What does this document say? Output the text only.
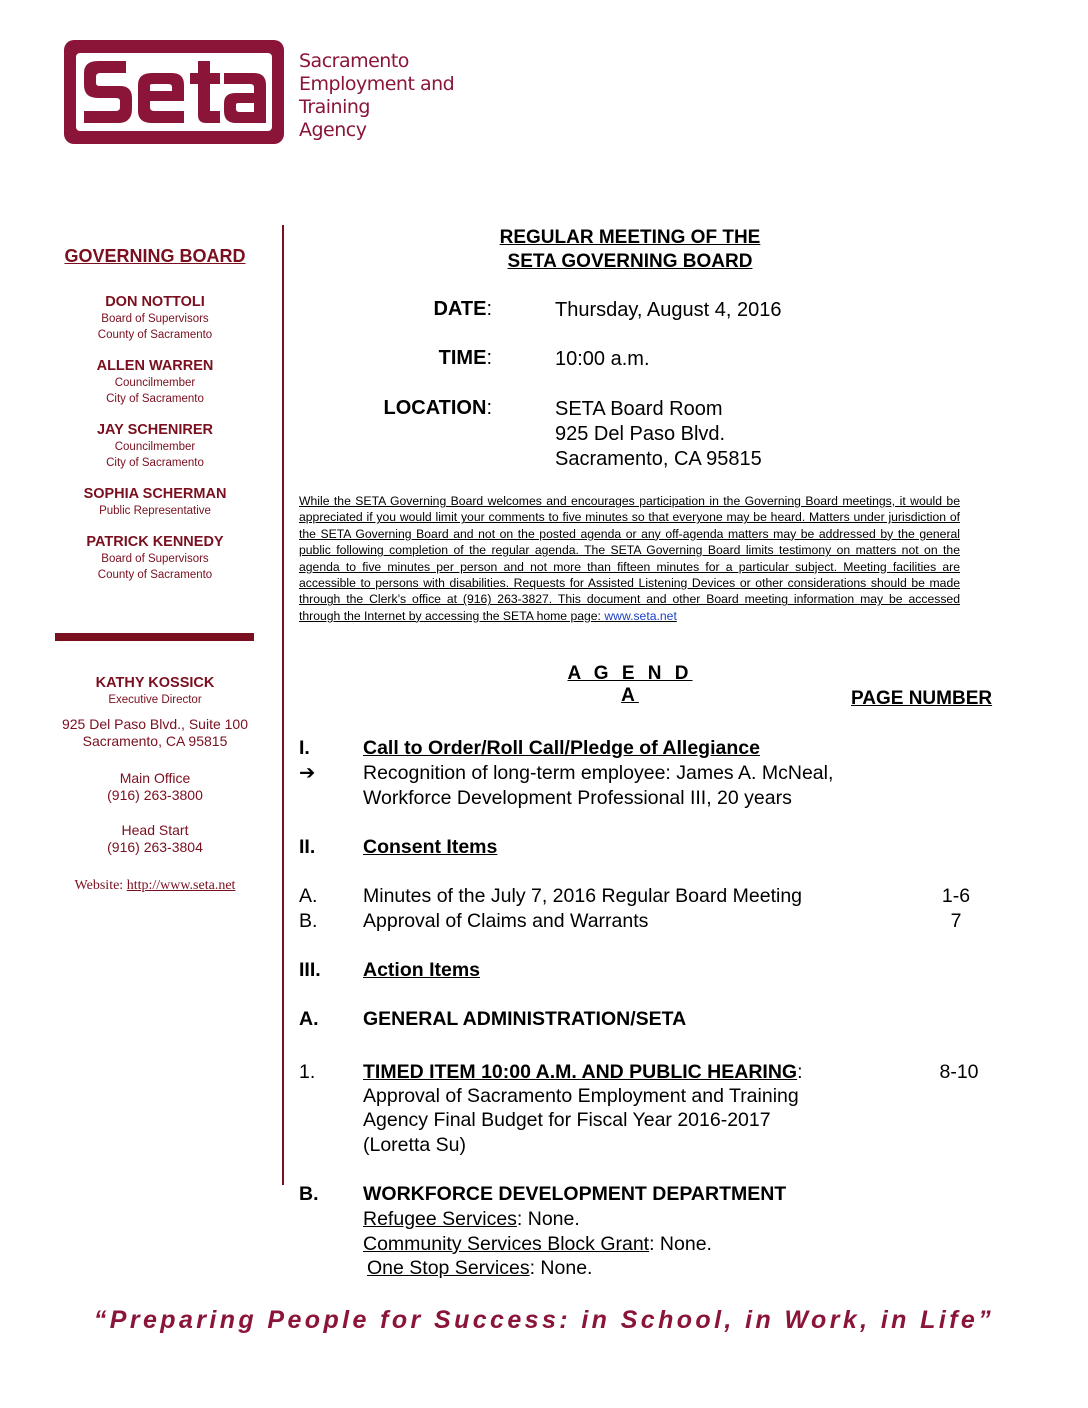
Sacramento
Employment and
Training
Agency
GOVERNING BOARD
DON NOTTOLI
Board of Supervisors
County of Sacramento
ALLEN WARREN
Councilmember
City of Sacramento
JAY SCHENIRER
Councilmember
City of Sacramento
SOPHIA SCHERMAN
Public Representative
PATRICK KENNEDY
Board of Supervisors
County of Sacramento
KATHY KOSSICK
Executive Director
925 Del Paso Blvd., Suite 100
Sacramento, CA 95815
Main Office
(916) 263-3800
Head Start
(916) 263-3804
Website: http://www.seta.net
REGULAR MEETING OF THE
SETA GOVERNING BOARD
DATE:	Thursday, August 4, 2016
TIME:	10:00 a.m.
LOCATION:	SETA Board Room
925 Del Paso Blvd.
Sacramento, CA 95815
While the SETA Governing Board welcomes and encourages participation in the Governing Board meetings, it would be appreciated if you would limit your comments to five minutes so that everyone may be heard. Matters under jurisdiction of the SETA Governing Board and not on the posted agenda or any off-agenda matters may be addressed by the general public following completion of the regular agenda. The SETA Governing Board limits testimony on matters not on the agenda to five minutes per person and not more than fifteen minutes for a particular subject. Meeting facilities are accessible to persons with disabilities. Requests for Assisted Listening Devices or other considerations should be made through the Clerk’s office at (916) 263-3827. This document and other Board meeting information may be accessed through the Internet by accessing the SETA home page: www.seta.net
A G E N D A	PAGE NUMBER
I.	Call to Order/Roll Call/Pledge of Allegiance
➔	Recognition of long-term employee: James A. McNeal,
Workforce Development Professional III, 20 years
II.	Consent Items
A.	Minutes of the July 7, 2016 Regular Board Meeting	1-6
B.	Approval of Claims and Warrants	7
III.	Action Items
A.	GENERAL ADMINISTRATION/SETA
1.	TIMED ITEM 10:00 A.M. AND PUBLIC HEARING:	8-10
Approval of Sacramento Employment and Training
Agency Final Budget for Fiscal Year 2016-2017
(Loretta Su)
B.	WORKFORCE DEVELOPMENT DEPARTMENT
Refugee Services: None.
Community Services Block Grant: None.
One Stop Services: None.
“Preparing People for Success: in School, in Work, in Life”
